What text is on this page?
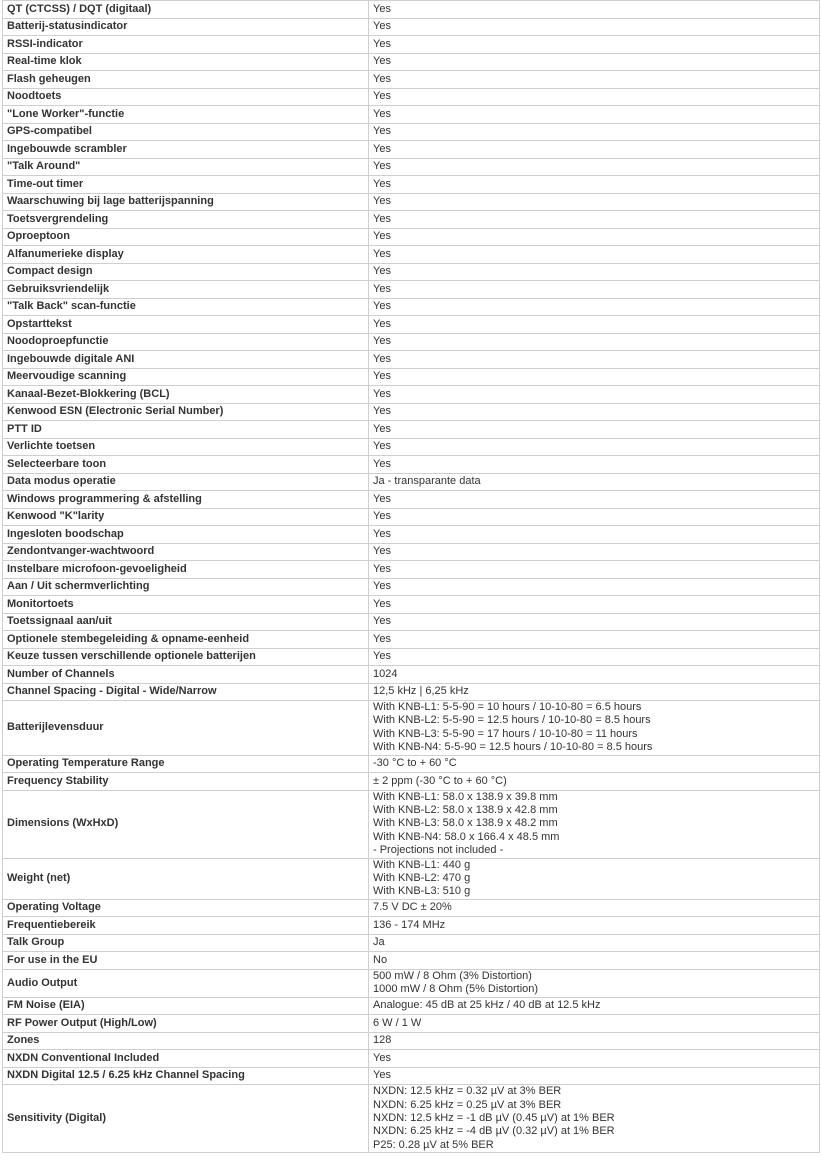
QT (CTCSS) / DQT (digitaal)	Yes

Batterij-statusindicator	Yes

RSSI-indicator	Yes

Real-time klok	Yes

Flash geheugen	Yes

Noodtoets	Yes

"Lone Worker"-functie	Yes

GPS-compatibel	Yes

Ingebouwde scrambler	Yes

"Talk Around"	Yes

Time-out timer	Yes

Waarschuwing bij lage batterijspanning	Yes

Toetsvergrendeling	Yes

Oproeptoon	Yes

Alfanumerieke display	Yes

Compact design	Yes

Gebruiksvriendelijk	Yes

"Talk Back" scan-functie	Yes

Opstarttekst	Yes

Noodoproepfunctie	Yes

Ingebouwde digitale ANI	Yes

Meervoudige scanning	Yes

Kanaal-Bezet-Blokkering (BCL)	Yes

Kenwood ESN (Electronic Serial Number)	Yes

PTT ID	Yes

Verlichte toetsen	Yes

Selecteerbare toon	Yes

Data modus operatie	Ja - transparante data

Windows programmering & afstelling	Yes

Kenwood "K"larity	Yes

Ingesloten boodschap	Yes

Zendontvanger-wachtwoord	Yes

Instelbare microfoon-gevoeligheid	Yes

Aan / Uit schermverlichting	Yes

Monitortoets	Yes

Toetssignaal aan/uit	Yes

Optionele stembegeleiding & opname-eenheid	Yes

Keuze tussen verschillende optionele batterijen	Yes

Number of Channels	1024

Channel Spacing - Digital - Wide/Narrow	12,5 kHz | 6,25 kHz

Batterijlevensduur	With KNB-L1: 5-5-90 = 10 hours / 10-10-80 = 6.5 hours
With KNB-L2: 5-5-90 = 12.5 hours / 10-10-80 = 8.5 hours
With KNB-L3: 5-5-90 = 17 hours / 10-10-80 = 11 hours
With KNB-N4: 5-5-90 = 12.5 hours / 10-10-80 = 8.5 hours

Operating Temperature Range	-30 °C to + 60 °C

Frequency Stability	± 2 ppm (-30 °C to + 60 °C)

Dimensions (WxHxD)	With KNB-L1: 58.0 x 138.9 x 39.8 mm
With KNB-L2: 58.0 x 138.9 x 42.8 mm
With KNB-L3: 58.0 x 138.9 x 48.2 mm
With KNB-N4: 58.0 x 166.4 x 48.5 mm
- Projections not included -

Weight (net)	With KNB-L1: 440 g
With KNB-L2: 470 g
With KNB-L3: 510 g

Operating Voltage	7.5 V DC ± 20%

Frequentiebereik	136 - 174 MHz

Talk Group	Ja

For use in the EU	No

Audio Output	500 mW / 8 Ohm (3% Distortion)
1000 mW / 8 Ohm (5% Distortion)

FM Noise (EIA)	Analogue: 45 dB at 25 kHz / 40 dB at 12.5 kHz

RF Power Output (High/Low)	6 W / 1 W

Zones	128

NXDN Conventional Included	Yes

NXDN Digital 12.5 / 6.25 kHz Channel Spacing	Yes

Sensitivity (Digital)	NXDN: 12.5 kHz = 0.32 µV at 3% BER
NXDN: 6.25 kHz = 0.25 µV at 3% BER
NXDN: 12.5 kHz = -1 dB µV (0.45 µV) at 1% BER
NXDN: 6.25 kHz = -4 dB µV (0.32 µV) at 1% BER
P25: 0.28 µV at 5% BER
